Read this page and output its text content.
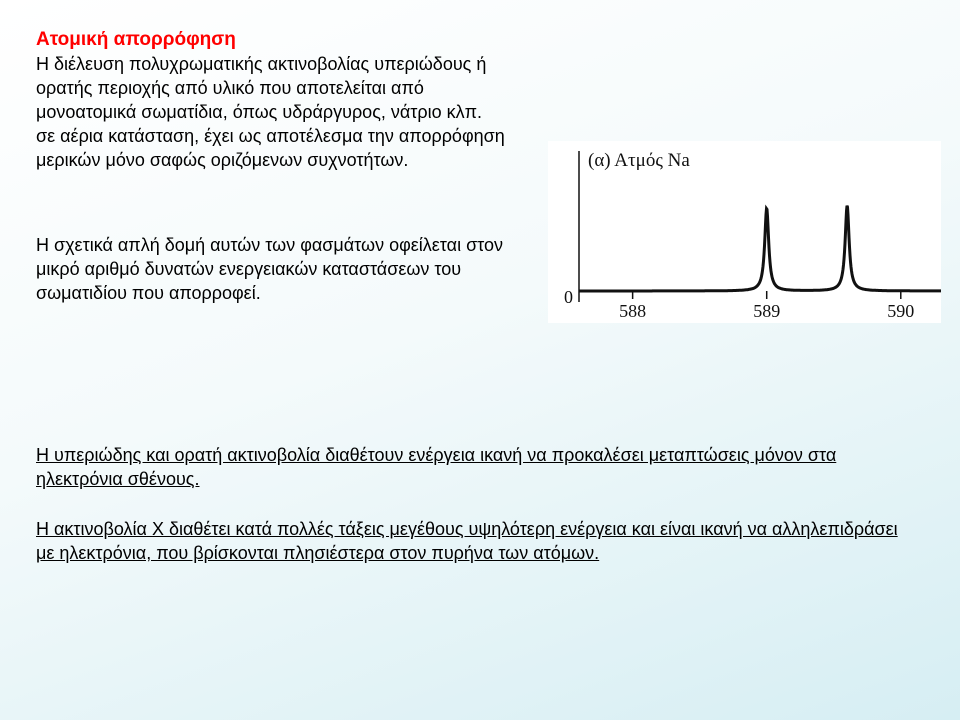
Ατομική απορρόφηση

Η διέλευση πολυχρωματικής ακτινοβολίας υπεριώδους ή ορατής περιοχής από υλικό που αποτελείται από μονοατομικά σωματίδια, όπως υδράργυρος, νάτριο κλπ. σε αέρια κατάσταση, έχει ως αποτέλεσμα την απορρόφηση μερικών μόνο σαφώς οριζόμενων συχνοτήτων.

Η σχετικά απλή δομή αυτών των φασμάτων οφείλεται στον μικρό αριθμό δυνατών ενεργειακών καταστάσεων του σωματιδίου που απορροφεί.

(α) Ατμός Na
0
588	589	590

Η υπεριώδης και ορατή ακτινοβολία διαθέτουν ενέργεια ικανή να προκαλέσει μεταπτώσεις μόνον στα ηλεκτρόνια σθένους.

Η ακτινοβολία Χ διαθέτει κατά πολλές τάξεις μεγέθους υψηλότερη ενέργεια και είναι ικανή να αλληλεπιδράσει με ηλεκτρόνια, που βρίσκονται πλησιέστερα στον πυρήνα των ατόμων.
